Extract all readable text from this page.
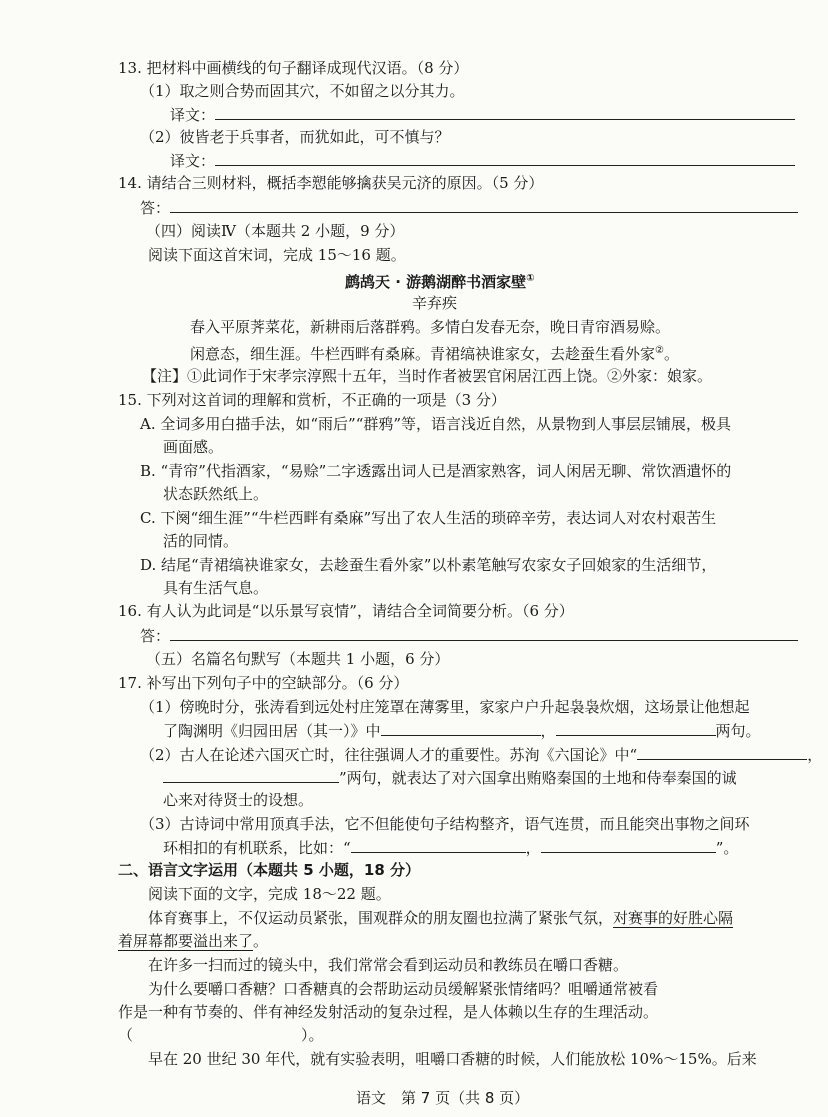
13. 把材料中画横线的句子翻译成现代汉语。（8 分）
（1）取之则合势而固其穴，不如留之以分其力。
译文：
（2）彼皆老于兵事者，而犹如此，可不慎与？
译文：
14. 请结合三则材料，概括李愬能够擒获吴元济的原因。（5 分）
答：
（四）阅读Ⅳ（本题共 2 小题，9 分）
阅读下面这首宋词，完成 15～16 题。
鹧鸪天 · 游鹅湖醉书酒家壁①
辛弃疾
春入平原荠菜花，新耕雨后落群鸦。多情白发春无奈，晚日青帘酒易赊。
闲意态，细生涯。牛栏西畔有桑麻。青裙缟袂谁家女，去趁蚕生看外家②。
【注】①此词作于宋孝宗淳熙十五年，当时作者被罢官闲居江西上饶。②外家：娘家。
15. 下列对这首词的理解和赏析，不正确的一项是（3 分）
A. 全词多用白描手法，如“雨后”“群鸦”等，语言浅近自然，从景物到人事层层铺展，极具
画面感。
B. “青帘”代指酒家，“易赊”二字透露出词人已是酒家熟客，词人闲居无聊、常饮酒遣怀的
状态跃然纸上。
C. 下阕“细生涯”“牛栏西畔有桑麻”写出了农人生活的琐碎辛劳，表达词人对农村艰苦生
活的同情。
D. 结尾“青裙缟袂谁家女，去趁蚕生看外家”以朴素笔触写农家女子回娘家的生活细节，
具有生活气息。
16. 有人认为此词是“以乐景写哀情”，请结合全词简要分析。（6 分）
答：
（五）名篇名句默写（本题共 1 小题，6 分）
17. 补写出下列句子中的空缺部分。（6 分）
（1）傍晚时分，张涛看到远处村庄笼罩在薄雾里，家家户户升起袅袅炊烟，这场景让他想起
了陶渊明《归园田居（其一）》中	，	两句。
（2）古人在论述六国灭亡时，往往强调人才的重要性。苏洵《六国论》中“	，
”两句，就表达了对六国拿出贿赂秦国的土地和侍奉秦国的诚
心来对待贤士的设想。
（3）古诗词中常用顶真手法，它不但能使句子结构整齐，语气连贯，而且能突出事物之间环
环相扣的有机联系，比如：“	，	”。
二、语言文字运用（本题共 5 小题，18 分）
阅读下面的文字，完成 18～22 题。
体育赛事上，不仅运动员紧张，围观群众的朋友圈也拉满了紧张气氛，对赛事的好胜心隔
着屏幕都要溢出来了。
在许多一扫而过的镜头中，我们常常会看到运动员和教练员在嚼口香糖。
为什么要嚼口香糖？口香糖真的会帮助运动员缓解紧张情绪吗？咀嚼通常被看
作是一种有节奏的、伴有神经发射活动的复杂过程，是人体赖以生存的生理活动。
（	）。
早在 20 世纪 30 年代，就有实验表明，咀嚼口香糖的时候，人们能放松 10%～15%。后来
语文　第 7 页（共 8 页）
